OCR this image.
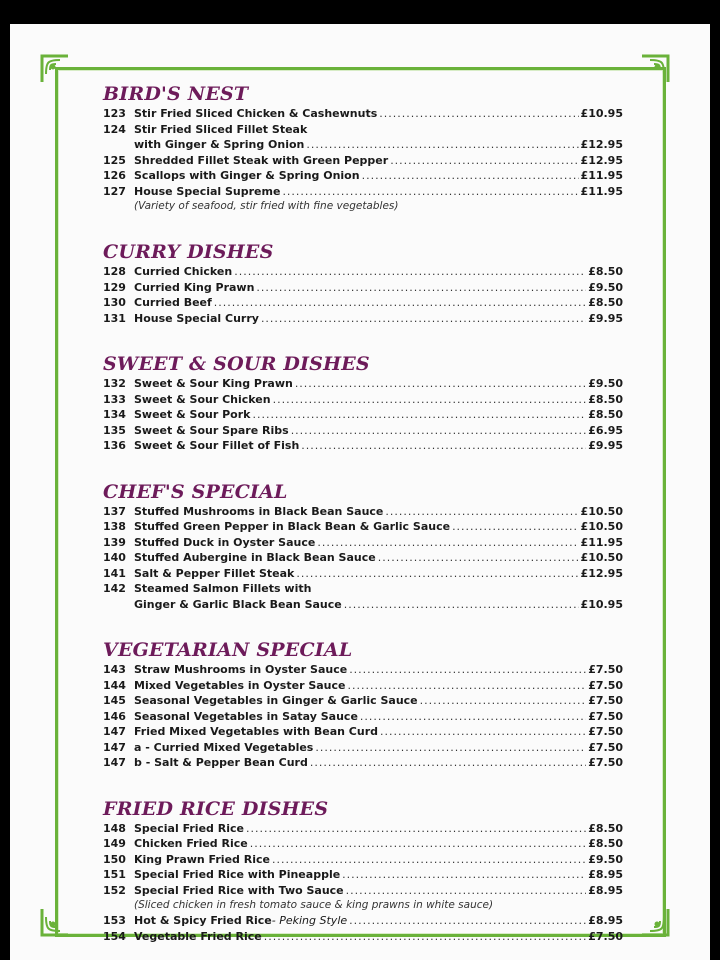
BIRD'S NEST
123 Stir Fried Sliced Chicken & Cashewnuts .....	£10.95
124 Stir Fried Sliced Fillet Steak
with Ginger & Spring Onion .....	£12.95
125 Shredded Fillet Steak with Green Pepper .....	£12.95
126 Scallops with Ginger & Spring Onion .....	£11.95
127 House Special Supreme .....	£11.95
(Variety of seafood, stir fried with fine vegetables)
CURRY DISHES
128 Curried Chicken .....	£8.50
129 Curried King Prawn .....	£9.50
130 Curried Beef .....	£8.50
131 House Special Curry .....	£9.95
SWEET & SOUR DISHES
132 Sweet & Sour King Prawn .....	£9.50
133 Sweet & Sour Chicken .....	£8.50
134 Sweet & Sour Pork .....	£8.50
135 Sweet & Sour Spare Ribs .....	£6.95
136 Sweet & Sour Fillet of Fish .....	£9.95
CHEF'S SPECIAL
137 Stuffed Mushrooms in Black Bean Sauce .....	£10.50
138 Stuffed Green Pepper in Black Bean & Garlic Sauce .....	£10.50
139 Stuffed Duck in Oyster Sauce .....	£11.95
140 Stuffed Aubergine in Black Bean Sauce .....	£10.50
141 Salt & Pepper Fillet Steak .....	£12.95
142 Steamed Salmon Fillets with
Ginger & Garlic Black Bean Sauce .....	£10.95
VEGETARIAN SPECIAL
143 Straw Mushrooms in Oyster Sauce .....	£7.50
144 Mixed Vegetables in Oyster Sauce .....	£7.50
145 Seasonal Vegetables in Ginger & Garlic Sauce .....	£7.50
146 Seasonal Vegetables in Satay Sauce .....	£7.50
147 Fried Mixed Vegetables with Bean Curd .....	£7.50
147 a - Curried Mixed Vegetables .....	£7.50
147 b - Salt & Pepper Bean Curd .....	£7.50
FRIED RICE DISHES
148 Special Fried Rice .....	£8.50
149 Chicken Fried Rice .....	£8.50
150 King Prawn Fried Rice .....	£9.50
151 Special Fried Rice with Pineapple .....	£8.95
152 Special Fried Rice with Two Sauce .....	£8.95
(Sliced chicken in fresh tomato sauce & king prawns in white sauce)
153 Hot & Spicy Fried Rice - Peking Style .....	£8.95
154 Vegetable Fried Rice .....	£7.50
